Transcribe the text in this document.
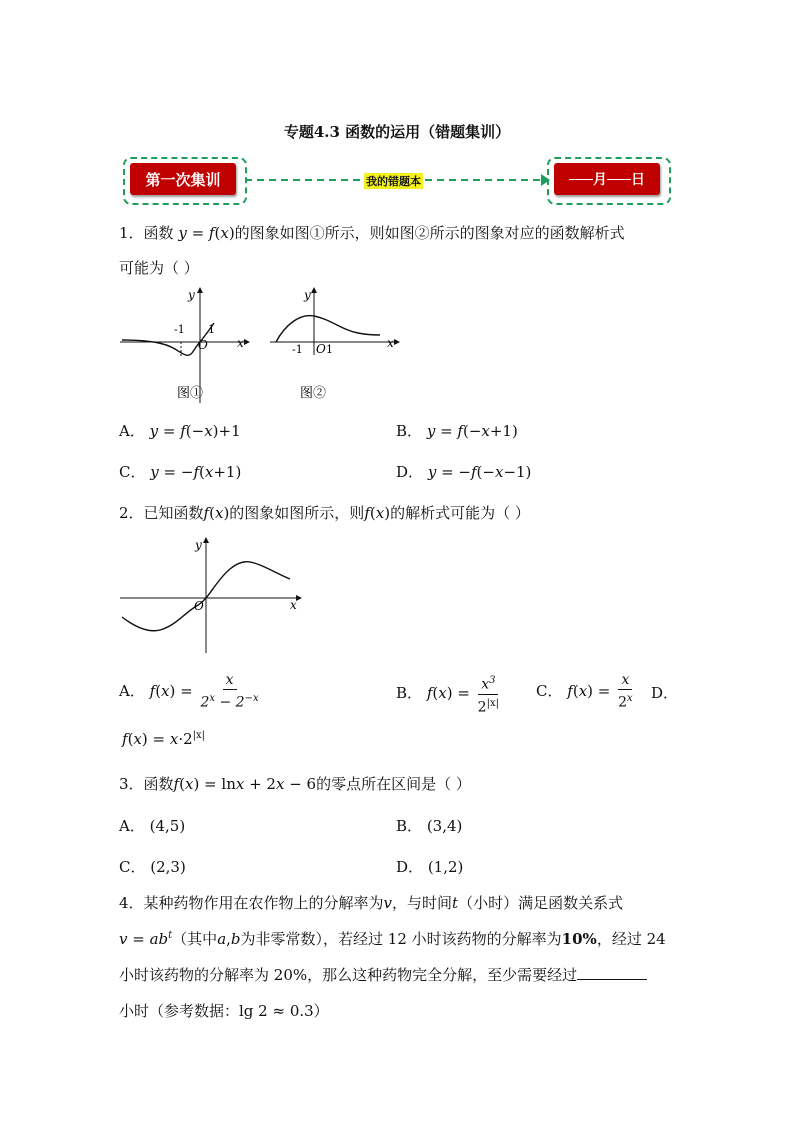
专题4.3 函数的运用（错题集训）
第一次集训	我的错题本	月 日
1．函数 y = f(x)的图象如图①所示，则如图②所示的图象对应的函数解析式
可能为（ ）
y
x
O
-1 1
图①
y
x
-1 O 1
图②
A． y = f(−x)+1	B． y = f(−x+1)
C． y = −f(x+1)	D． y = −f(−x−1)
2．已知函数f(x)的图象如图所示，则f(x)的解析式可能为（ ）
y
x
O
A． $f(x) = \frac{x}{2^x - 2^{-x}}$	B． $f(x) = \frac{x^3}{2^{|x|}}$ C． $f(x) = \frac{x}{2^x}$ D．
$f(x) = x\cdot 2^{|x|}$
3．函数f(x) = lnx + 2x − 6的零点所在区间是（ ）
A． (4,5)	B． (3,4)
C． (2,3)	D． (1,2)
4．某种药物作用在农作物上的分解率为v，与时间t（小时）满足函数关系式
$v = ab^t$（其中a,b为非零常数），若经过 12 小时该药物的分解率为10%，经过 24
小时该药物的分解率为 20%，那么这种药物完全分解，至少需要经过
小时（参考数据：lg 2 ≈ 0.3）
